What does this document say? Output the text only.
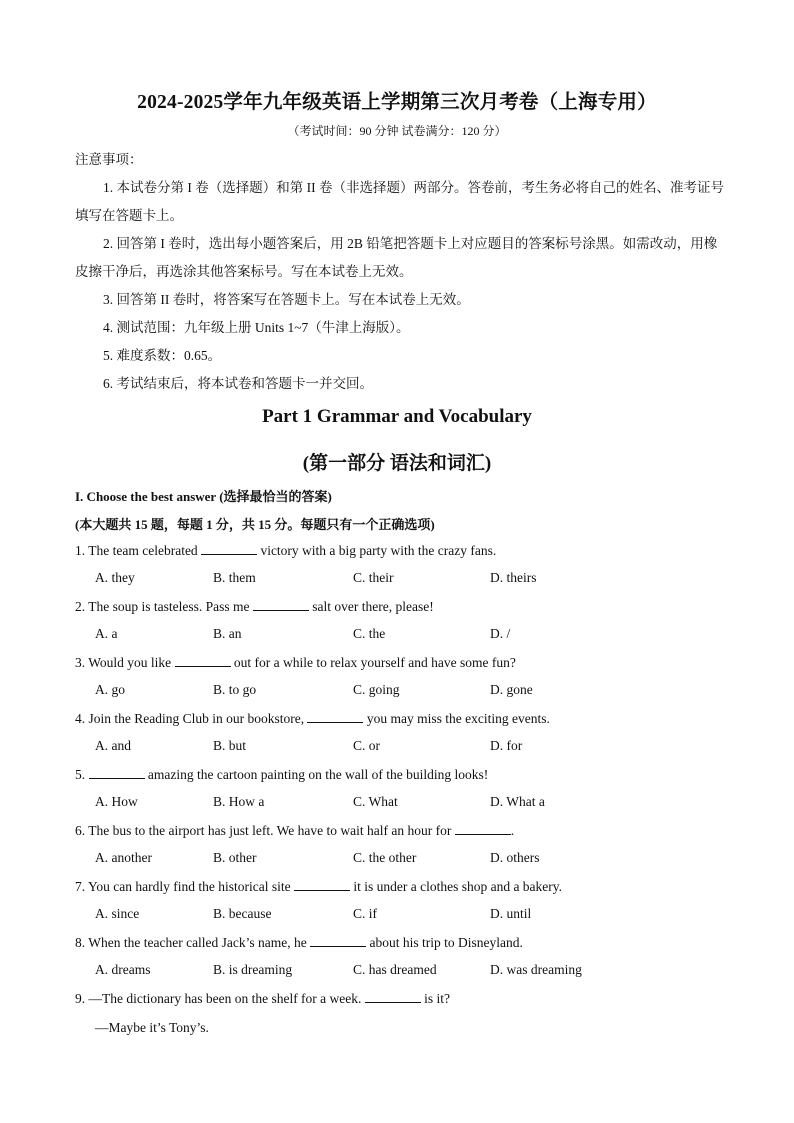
2024-2025学年九年级英语上学期第三次月考卷（上海专用）
（考试时间：90 分钟 试卷满分：120 分）
注意事项：
1. 本试卷分第 I 卷（选择题）和第 II 卷（非选择题）两部分。答卷前，考生务必将自己的姓名、准考证号填写在答题卡上。
2. 回答第 I 卷时，选出每小题答案后，用 2B 铅笔把答题卡上对应题目的答案标号涂黑。如需改动，用橡皮擦干净后，再选涂其他答案标号。写在本试卷上无效。
3. 回答第 II 卷时，将答案写在答题卡上。写在本试卷上无效。
4. 测试范围：九年级上册 Units 1~7（牛津上海版）。
5. 难度系数：0.65。
6. 考试结束后，将本试卷和答题卡一并交回。
Part 1 Grammar and Vocabulary
(第一部分 语法和词汇)
I. Choose the best answer (选择最恰当的答案)
(本大题共 15 题，每题 1 分，共 15 分。每题只有一个正确选项)
1. The team celebrated	victory with a big party with the crazy fans.
A. they	B. them	C. their	D. theirs
2. The soup is tasteless. Pass me	salt over there, please!
A. a	B. an	C. the	D. /
3. Would you like	out for a while to relax yourself and have some fun?
A. go	B. to go	C. going	D. gone
4. Join the Reading Club in our bookstore,	you may miss the exciting events.
A. and	B. but	C. or	D. for
5.	amazing the cartoon painting on the wall of the building looks!
A. How	B. How a	C. What	D. What a
6. The bus to the airport has just left. We have to wait half an hour for	.
A. another	B. other	C. the other	D. others
7. You can hardly find the historical site	it is under a clothes shop and a bakery.
A. since	B. because	C. if	D. until
8. When the teacher called Jack’s name, he	about his trip to Disneyland.
A. dreams	B. is dreaming	C. has dreamed	D. was dreaming
9. —The dictionary has been on the shelf for a week.	is it?
—Maybe it’s Tony’s.
